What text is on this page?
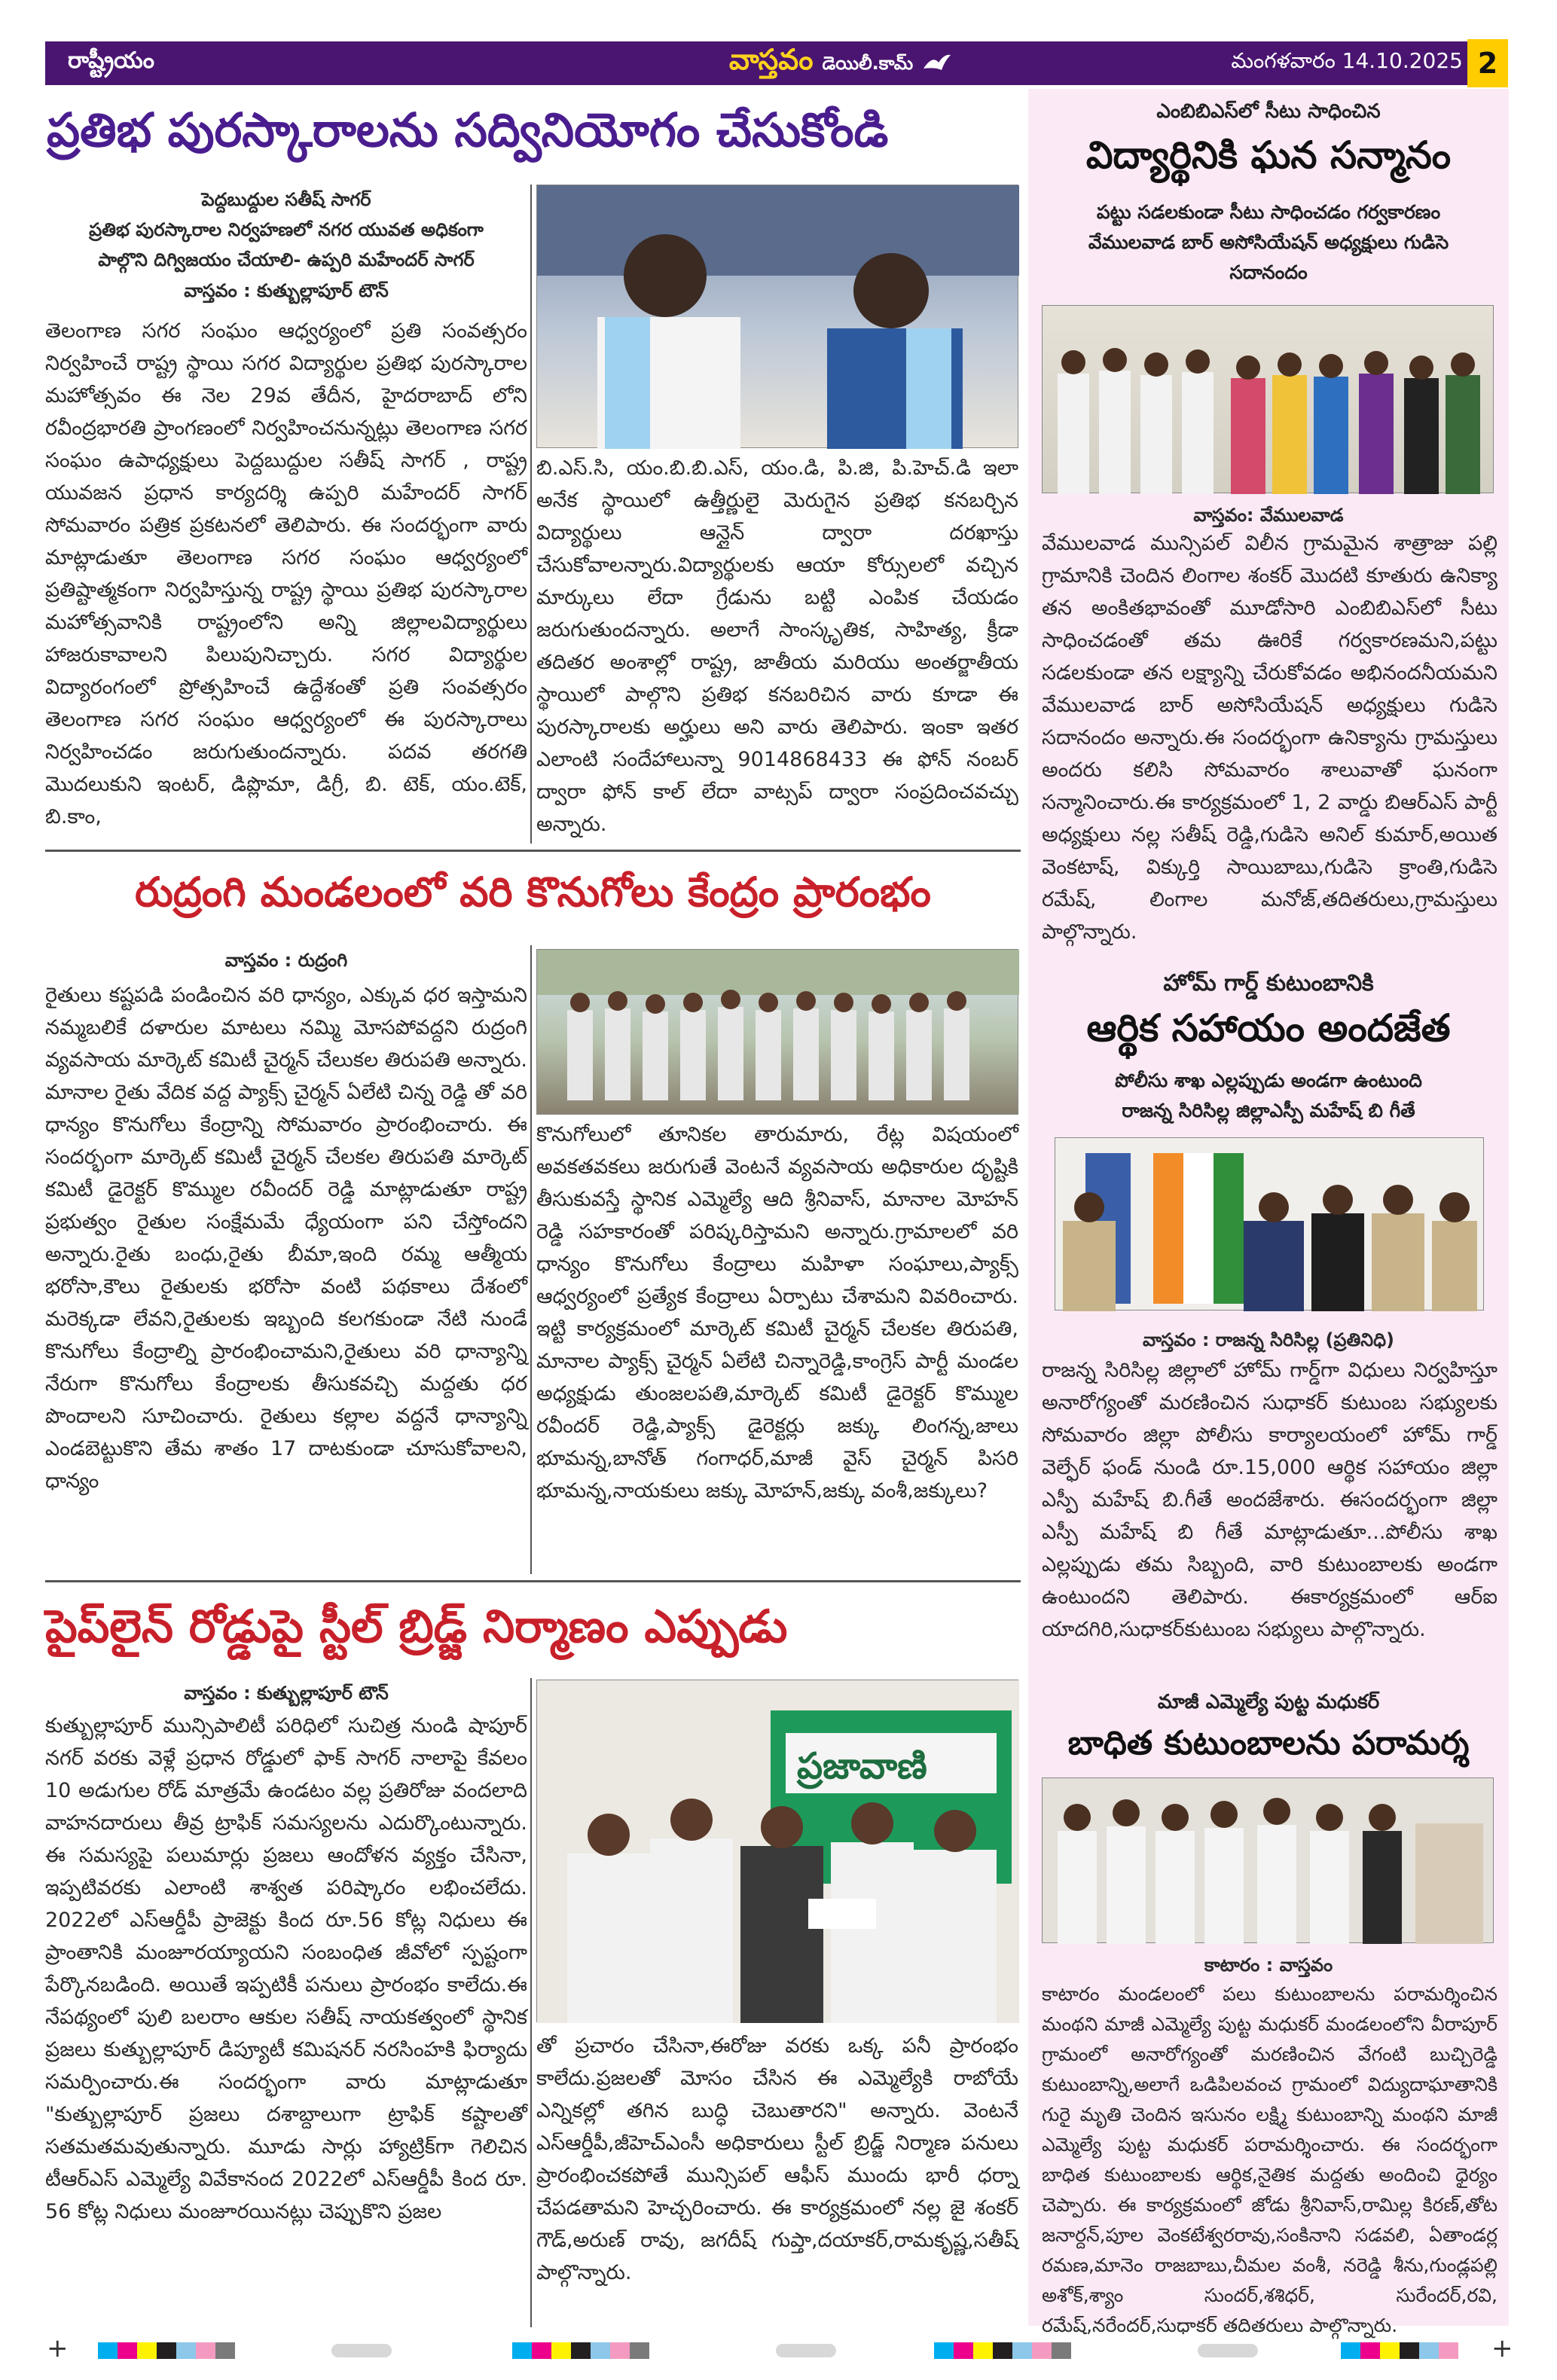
రాష్ట్రీయం	వాస్తవం డెయిలీ.కామ్	మంగళవారం 14.10.2025 2
ప్రతిభ పురస్కారాలను సద్వినియోగం చేసుకోండి
పెద్దబుద్దుల సతీష్ సాగర్
ప్రతిభ పురస్కారాల నిర్వహణలో నగర యువత అధికంగా
పాల్గొని దిగ్విజయం చేయాలి- ఉప్పరి మహేందర్ సాగర్
వాస్తవం : కుత్బుల్లాపూర్ టౌన్
తెలంగాణ సగర సంఘం ఆధ్వర్యంలో ప్రతి సంవత్సరం నిర్వహించే రాష్ట్ర స్థాయి సగర విద్యార్థుల ప్రతిభ పురస్కారాల మహోత్సవం ఈ నెల 29వ తేదీన, హైదరాబాద్ లోని రవీంద్రభారతి ప్రాంగణంలో నిర్వహించనున్నట్లు తెలంగాణ సగర సంఘం ఉపాధ్యక్షులు పెద్దబుద్దుల సతీష్ సాగర్ , రాష్ట్ర యువజన ప్రధాన కార్యదర్శి ఉప్పరి మహేందర్ సాగర్ సోమవారం పత్రిక ప్రకటనలో తెలిపారు. ఈ సందర్భంగా వారు మాట్లాడుతూ తెలంగాణ సగర సంఘం ఆధ్వర్యంలో ప్రతిష్టాత్మకంగా నిర్వహిస్తున్న రాష్ట్ర స్థాయి ప్రతిభ పురస్కారాల మహోత్సవానికి రాష్ట్రంలోని అన్ని జిల్లాలవిద్యార్థులు హాజరుకావాలని పిలుపునిచ్చారు. సగర విద్యార్థుల విద్యారంగంలో ప్రోత్సహించే ఉద్దేశంతో ప్రతి సంవత్సరం తెలంగాణ సగర సంఘం ఆధ్వర్యంలో ఈ పురస్కారాలు నిర్వహించడం జరుగుతుందన్నారు. పదవ తరగతి మొదలుకుని ఇంటర్, డిప్లొమా, డిగ్రీ, బి. టెక్, యం.టెక్, బి.కాం,
బి.ఎస్.సి, యం.బి.బి.ఎస్, యం.డి, పి.జి, పి.హెచ్.డి ఇలా అనేక స్థాయిలో ఉత్తీర్ణులై మెరుగైన ప్రతిభ కనబర్చిన విద్యార్థులు ఆన్లైన్ ద్వారా దరఖాస్తు చేసుకోవాలన్నారు.విద్యార్థులకు ఆయా కోర్సులలో వచ్చిన మార్కులు లేదా గ్రేడును బట్టి ఎంపిక చేయడం జరుగుతుందన్నారు. అలాగే సాంస్కృతిక, సాహిత్య, క్రీడా తదితర అంశాల్లో రాష్ట్ర, జాతీయ మరియు అంతర్జాతీయ స్థాయిలో పాల్గొని ప్రతిభ కనబరిచిన వారు కూడా ఈ పురస్కారాలకు అర్హులు అని వారు తెలిపారు. ఇంకా ఇతర ఎలాంటి సందేహాలున్నా 9014868433 ఈ ఫోన్ నంబర్ ద్వారా ఫోన్ కాల్ లేదా వాట్సప్ ద్వారా సంప్రదించవచ్చు అన్నారు.
రుద్రంగి మండలంలో వరి కొనుగోలు కేంద్రం ప్రారంభం
వాస్తవం : రుద్రంగి
రైతులు కష్టపడి పండించిన వరి ధాన్యం, ఎక్కువ ధర ఇస్తామని నమ్మబలికే దళారుల మాటలు నమ్మి మోసపోవద్దని రుద్రంగి వ్యవసాయ మార్కెట్ కమిటీ చైర్మన్ చేలుకల తిరుపతి అన్నారు. మానాల రైతు వేదిక వద్ద ప్యాక్స్ చైర్మన్ ఏలేటి చిన్న రెడ్డి తో వరి ధాన్యం కొనుగోలు కేంద్రాన్ని సోమవారం ప్రారంభించారు. ఈ సందర్భంగా మార్కెట్ కమిటీ చైర్మన్ చేలకల తిరుపతి మార్కెట్ కమిటీ డైరెక్టర్ కొమ్ముల రవీందర్ రెడ్డి మాట్లాడుతూ రాష్ట్ర ప్రభుత్వం రైతుల సంక్షేమమే ధ్యేయంగా పని చేస్తోందని అన్నారు.రైతు బంధు,రైతు బీమా,ఇంది రమ్మ ఆత్మీయ భరోసా,కౌలు రైతులకు భరోసా వంటి పథకాలు దేశంలో మరెక్కడా లేవని,రైతులకు ఇబ్బంది కలగకుండా నేటి నుండే కొనుగోలు కేంద్రాల్ని ప్రారంభించామని,రైతులు వరి ధాన్యాన్ని నేరుగా కొనుగోలు కేంద్రాలకు తీసుకవచ్చి మద్దతు ధర పొందాలని సూచించారు. రైతులు కల్లాల వద్దనే ధాన్యాన్ని ఎండబెట్టుకొని తేమ శాతం 17 దాటకుండా చూసుకోవాలని, ధాన్యం
కొనుగోలులో తూనికల తారుమారు, రేట్ల విషయంలో అవకతవకలు జరుగుతే వెంటనే వ్యవసాయ అధికారుల దృష్టికి తీసుకువస్తే స్థానిక ఎమ్మెల్యే ఆది శ్రీనివాస్, మానాల మోహన్ రెడ్డి సహకారంతో పరిష్కరిస్తామని అన్నారు.గ్రామాలలో వరి ధాన్యం కొనుగోలు కేంద్రాలు మహిళా సంఘాలు,ప్యాక్స్ ఆధ్వర్యంలో ప్రత్యేక కేంద్రాలు ఏర్పాటు చేశామని వివరించారు. ఇట్టి కార్యక్రమంలో మార్కెట్ కమిటీ చైర్మన్ చేలకల తిరుపతి, మానాల ప్యాక్స్ చైర్మన్ ఏలేటి చిన్నారెడ్డి,కాంగ్రెస్ పార్టీ మండల అధ్యక్షుడు తుంజలపతి,మార్కెట్ కమిటీ డైరెక్టర్ కొమ్ముల రవీందర్ రెడ్డి,ప్యాక్స్ డైరెక్టర్లు జక్కు లింగన్న,జాలు భూమన్న,బానోత్ గంగాధర్,మాజీ వైస్ చైర్మన్ పిసరి భూమన్న,నాయకులు జక్కు మోహన్,జక్కు వంశీ,జక్కులు?
పైప్‌లైన్ రోడ్డుపై స్టీల్ బ్రిడ్జ్ నిర్మాణం ఎప్పుడు
వాస్తవం : కుత్బుల్లాపూర్ టౌన్
కుత్బుల్లాపూర్ మున్సిపాలిటీ పరిధిలో సుచిత్ర నుండి షాపూర్ నగర్ వరకు వెళ్లే ప్రధాన రోడ్డులో ఫాక్ సాగర్ నాలాపై కేవలం 10 అడుగుల రోడ్ మాత్రమే ఉండటం వల్ల ప్రతిరోజు వందలాది వాహనదారులు తీవ్ర ట్రాఫిక్ సమస్యలను ఎదుర్కొంటున్నారు. ఈ సమస్యపై పలుమార్లు ప్రజలు ఆందోళన వ్యక్తం చేసినా, ఇప్పటివరకు ఎలాంటి శాశ్వత పరిష్కారం లభించలేదు. 2022లో ఎస్ఆర్డీపీ ప్రాజెక్టు కింద రూ.56 కోట్ల నిధులు ఈ ప్రాంతానికి మంజూరయ్యాయని సంబంధిత జీవోలో స్పష్టంగా పేర్కొనబడింది. అయితే ఇప్పటికీ పనులు ప్రారంభం కాలేదు.ఈ నేపథ్యంలో పులి బలరాం ఆకుల సతీష్ నాయకత్వంలో స్థానిక ప్రజలు కుత్బుల్లాపూర్ డిప్యూటీ కమిషనర్ నరసింహకి ఫిర్యాదు సమర్పించారు.ఈ సందర్భంగా వారు మాట్లాడుతూ "కుత్బుల్లాపూర్ ప్రజలు దశాబ్దాలుగా ట్రాఫిక్ కష్టాలతో సతమతమవుతున్నారు. మూడు సార్లు హ్యాట్రిక్‌గా గెలిచిన టీఆర్ఎస్ ఎమ్మెల్యే వివేకానంద 2022లో ఎస్ఆర్డీపీ కింద రూ. 56 కోట్ల నిధులు మంజూరయినట్లు చెప్పుకొని ప్రజల
ప్రజావాణి
తో ప్రచారం చేసినా,ఈరోజు వరకు ఒక్క పనీ ప్రారంభం కాలేదు.ప్రజలతో మోసం చేసిన ఈ ఎమ్మెల్యేకి రాబోయే ఎన్నికల్లో తగిన బుద్ధి చెబుతారని" అన్నారు. వెంటనే ఎస్ఆర్డీపీ,జీహెచ్ఎంసీ అధికారులు స్టీల్ బ్రిడ్జ్ నిర్మాణ పనులు ప్రారంభించకపోతే మున్సిపల్ ఆఫీస్ ముందు భారీ ధర్నా చేపడతామని హెచ్చరించారు. ఈ కార్యక్రమంలో నల్ల జై శంకర్ గౌడ్,అరుణ్ రావు, జగదీష్ గుప్తా,దయాకర్,రామకృష్ణ,సతీష్ పాల్గొన్నారు.
ఎంబిబిఎస్‌లో సీటు సాధించిన
విద్యార్థినికి ఘన సన్మానం
పట్టు సడలకుండా సీటు సాధించడం గర్వకారణం
వేములవాడ బార్ అసోసియేషన్ అధ్యక్షులు గుడిసె
సదానందం
వాస్తవం: వేములవాడ
వేములవాడ మున్సిపల్ విలీన గ్రామమైన శాత్రాజు పల్లి గ్రామానికి చెందిన లింగాల శంకర్ మొదటి కూతురు ఉనిక్యా తన అంకితభావంతో మూడోసారి ఎంబిబిఎస్‌లో సీటు సాధించడంతో తమ ఊరికే గర్వకారణమని,పట్టు సడలకుండా తన లక్ష్యాన్ని చేరుకోవడం అభినందనీయమని వేములవాడ బార్ అసోసియేషన్ అధ్యక్షులు గుడిసె సదానందం అన్నారు.ఈ సందర్భంగా ఉనిక్యాను గ్రామస్తులు అందరు కలిసి సోమవారం శాలువాతో ఘనంగా సన్మానించారు.ఈ కార్యక్రమంలో 1, 2 వార్డు బిఆర్ఎస్ పార్టీ అధ్యక్షులు నల్ల సతీష్ రెడ్డి,గుడిసె అనిల్ కుమార్,అయిత వెంకటాష్, విక్కుర్తి సాయిబాబు,గుడిసె క్రాంతి,గుడిసె రమేష్, లింగాల మనోజ్,తదితరులు,గ్రామస్తులు పాల్గొన్నారు.
హోమ్ గార్డ్ కుటుంబానికి
ఆర్థిక సహాయం అందజేత
పోలీసు శాఖ ఎల్లప్పుడు అండగా ఉంటుంది
రాజన్న సిరిసిల్ల జిల్లాఎస్పీ మహేష్ బి గీతే
వాస్తవం : రాజన్న సిరిసిల్ల (ప్రతినిధి)
రాజన్న సిరిసిల్ల జిల్లాలో హోమ్ గార్డ్‌గా విధులు నిర్వహిస్తూ అనారోగ్యంతో మరణించిన సుధాకర్ కుటుంబ సభ్యులకు సోమవారం జిల్లా పోలీసు కార్యాలయంలో హోమ్ గార్డ్ వెల్ఫేర్ ఫండ్ నుండి రూ.15,000 ఆర్థిక సహాయం జిల్లా ఎస్పీ మహేష్ బి.గీతే అందజేశారు. ఈసందర్భంగా జిల్లా ఎస్పీ మహేష్ బి గీతే మాట్లాడుతూ...పోలీసు శాఖ ఎల్లప్పుడు తమ సిబ్బంది, వారి కుటుంబాలకు అండగా ఉంటుందని తెలిపారు. ఈకార్యక్రమంలో ఆర్ఐ యాదగిరి,సుధాకర్‌కుటుంబ సభ్యులు పాల్గొన్నారు.
మాజీ ఎమ్మెల్యే పుట్ట మధుకర్
బాధిత కుటుంబాలను పరామర్శ
కాటారం : వాస్తవం
కాటారం మండలంలో పలు కుటుంబాలను పరామర్శించిన మంథని మాజీ ఎమ్మెల్యే పుట్ట మధుకర్ మండలంలోని వీరాపూర్ గ్రామంలో అనారోగ్యంతో మరణించిన వేగంటి బుచ్చిరెడ్డి కుటుంబాన్ని,అలాగే ఒడిపిలవంచ గ్రామంలో విద్యుదాఘాతానికి గురై మృతి చెందిన ఇసునం లక్ష్మి కుటుంబాన్ని మంథని మాజీ ఎమ్మెల్యే పుట్ట మధుకర్ పరామర్శించారు. ఈ సందర్భంగా బాధిత కుటుంబాలకు ఆర్థిక,నైతిక మద్దతు అందించి ధైర్యం చెప్పారు. ఈ కార్యక్రమంలో జోడు శ్రీనివాస్,రామిల్ల కిరణ్,తోట జనార్దన్,పూల వెంకటేశ్వరరావు,సంకినాని సడవలి, ఏతాండర్ల రమణ,మానెం రాజబాబు,చీమల వంశీ, నరెడ్డి శీను,గుండ్లపల్లి అశోక్,శ్యాం సుందర్,శశిధర్, సురేందర్,రవి, రమేష్,నరేందర్,సుధాకర్ తదితరులు పాల్గొన్నారు.
+	+
